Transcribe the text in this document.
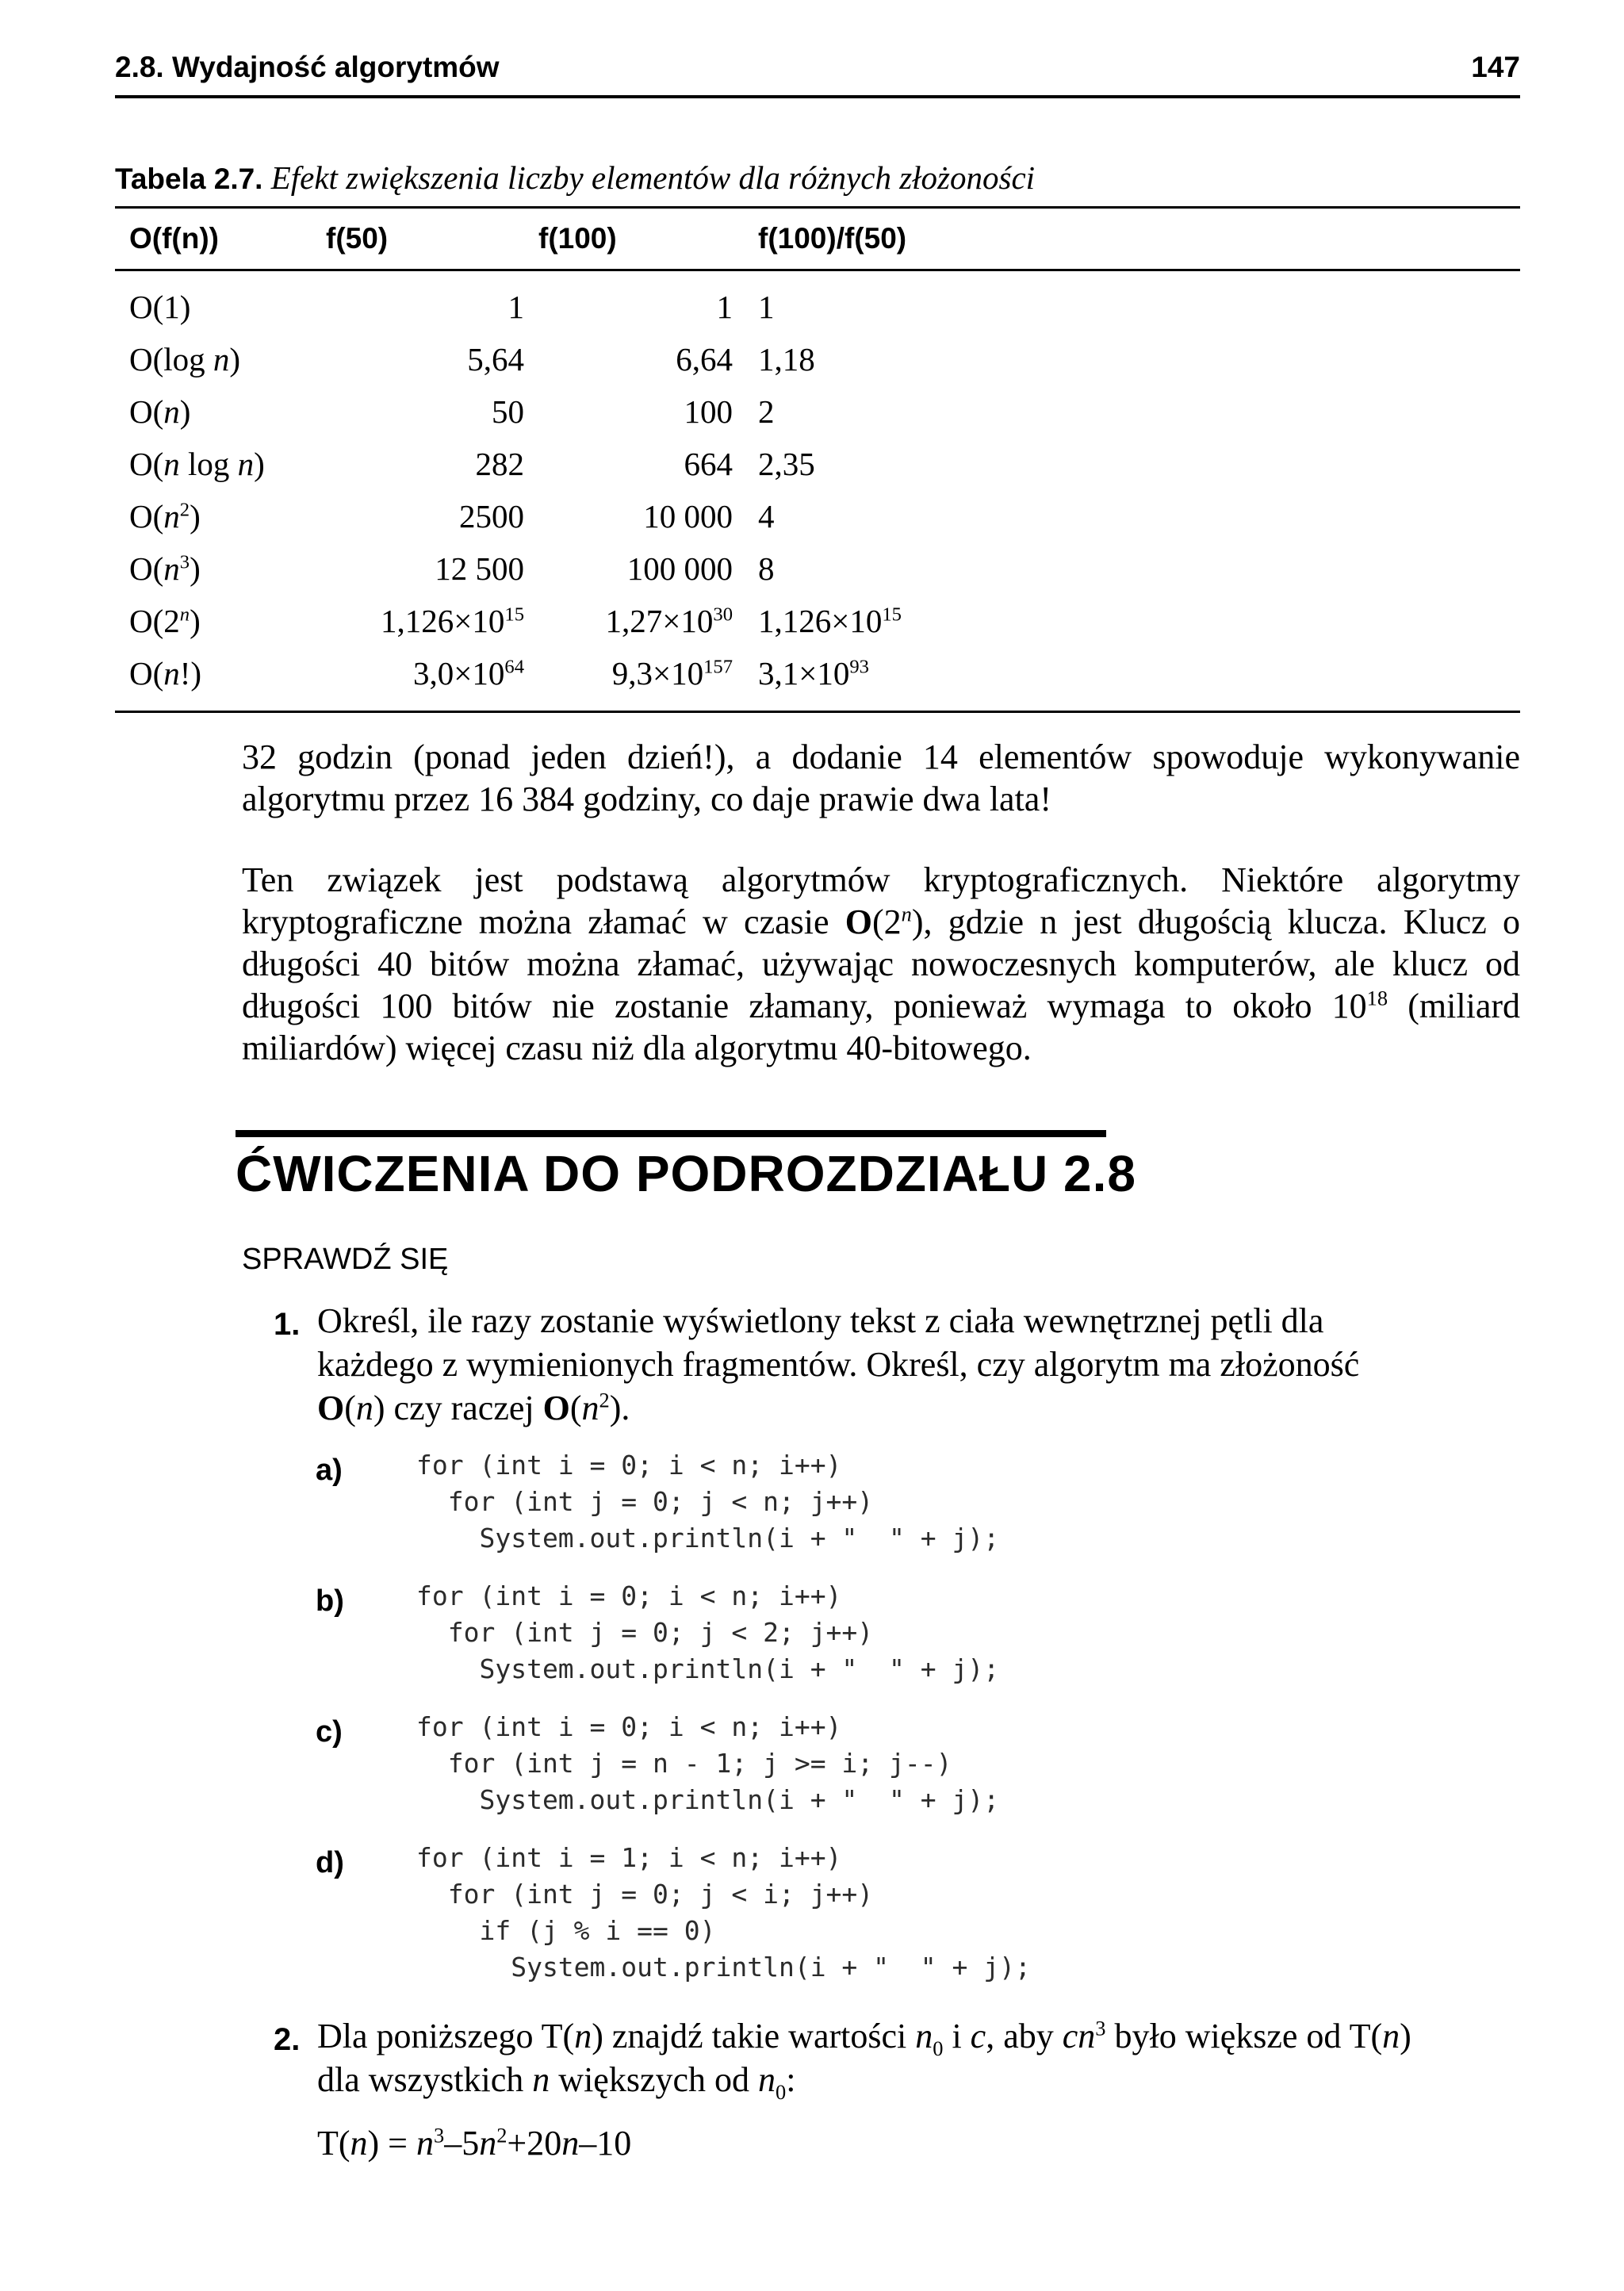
2.8. Wydajność algorytmów	147
Tabela 2.7. Efekt zwiększenia liczby elementów dla różnych złożoności
O(f(n))	f(50)	f(100)	f(100)/f(50)
O(1)	1	1	1
O(log n)	5,64	6,64	1,18
O(n)	50	100	2
O(n log n)	282	664	2,35
$O(n^2)$	2500	10 000	4
$O(n^3)$	12 500	100 000	8
O(2$^n$)	$1,126\times 10^{15}$	$1,27\times 10^{30}$	$1,126\times 10^{15}$
O(n!)	$3,0\times 10^{64}$	$9,3\times 10^{157}$	$3,1\times 10^{93}$

32 godzin (ponad jeden dzień!), a dodanie 14 elementów spowoduje wykonywanie algorytmu przez 16 384 godziny, co daje prawie dwa lata!

Ten związek jest podstawą algorytmów kryptograficznych. Niektóre algorytmy kryptograficzne można złamać w czasie O(2$^n$), gdzie n jest długością klucza. Klucz o długości 40 bitów można złamać, używając nowoczesnych komputerów, ale klucz od długości 100 bitów nie zostanie złamany, ponieważ wymaga to około $10^{18}$ (miliard miliardów) więcej czasu niż dla algorytmu 40-bitowego.

ĆWICZENIA DO PODROZDZIAŁU 2.8
SPRAWDŹ SIĘ
1. Określ, ile razy zostanie wyświetlony tekst z ciała wewnętrznej pętli dla każdego z wymienionych fragmentów. Określ, czy algorytm ma złożoność
O(n) czy raczej $O(n^2)$.

a)	for (int i = 0; i < n; i++)
for (int j = 0; j < n; j++)
System.out.println(i + "  " + j);
b)	for (int i = 0; i < n; i++)
for (int j = 0; j < 2; j++)
System.out.println(i + "  " + j);
c)	for (int i = 0; i < n; i++)
for (int j = n - 1; j >= i; j--)
System.out.println(i + "  " + j);
d)	for (int i = 1; i < n; i++)
for (int j = 0; j < i; j++)
if (j % i == 0)
System.out.println(i + "  " + j);
2. Dla poniższego T(n) znajdź takie wartości $n_0$ i c, aby $cn^3$ było większe od T(n)
dla wszystkich n większych od $n_0$:

$T(n) = n^3-5n^2+20n-10$
